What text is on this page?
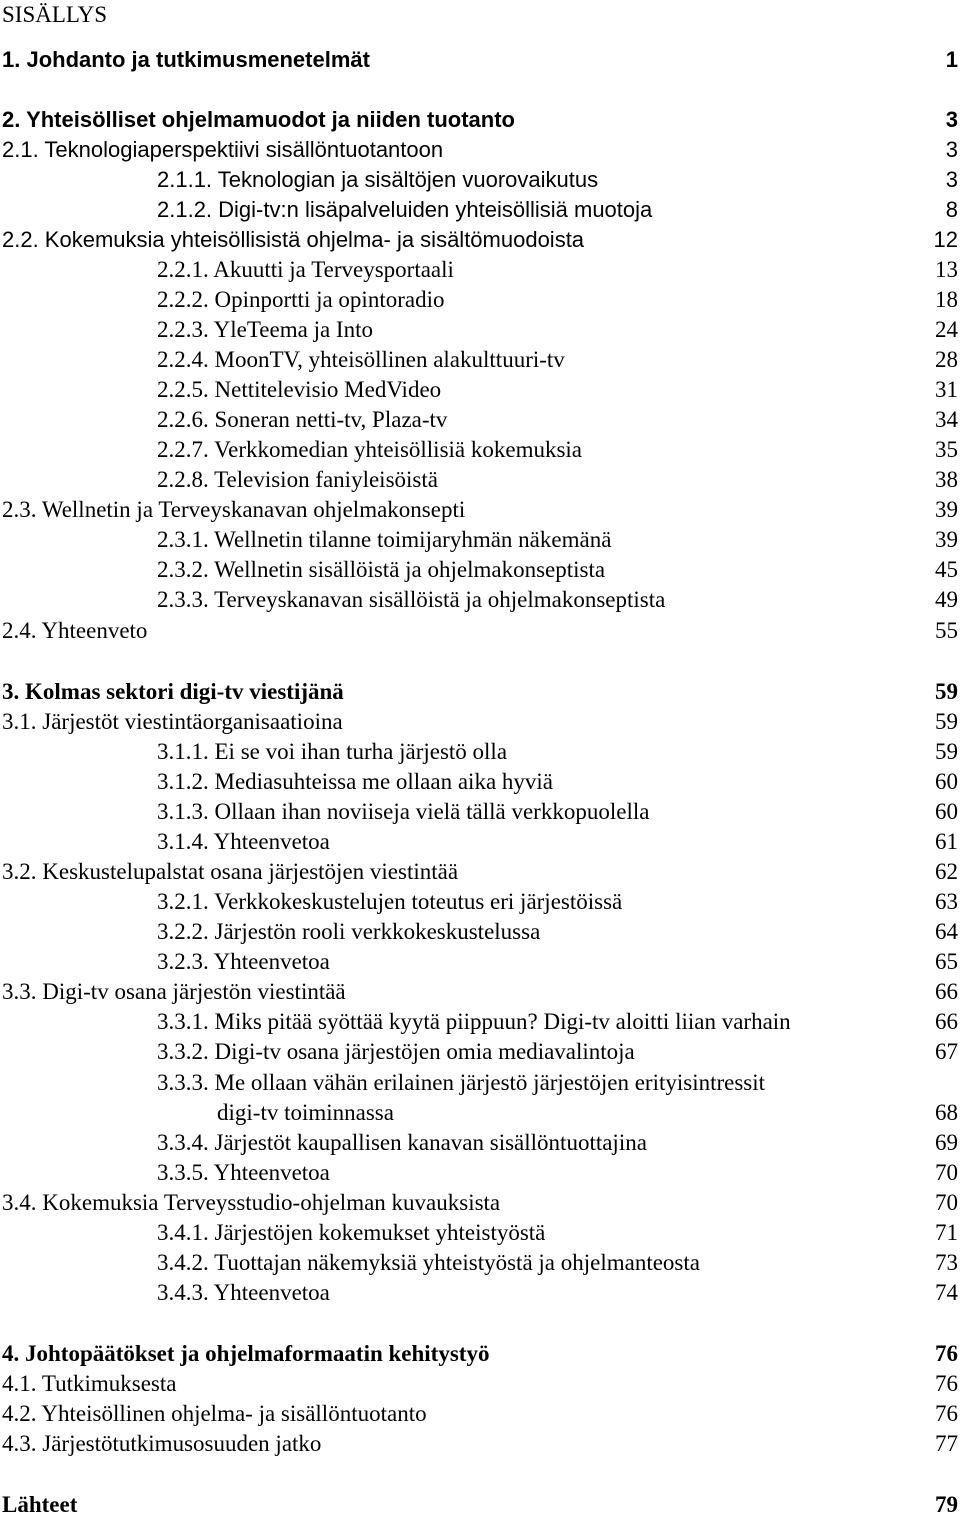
SISÄLLYS
1. Johdanto ja tutkimusmenetelmät	1
2. Yhteisölliset ohjelmamuodot ja niiden tuotanto	3
2.1. Teknologiaperspektiivi sisällöntuotantoon	3
2.1.1. Teknologian ja sisältöjen vuorovaikutus	3
2.1.2. Digi-tv:n lisäpalveluiden yhteisöllisiä muotoja	8
2.2. Kokemuksia yhteisöllisistä ohjelma- ja sisältömuodoista	12
2.2.1. Akuutti ja Terveysportaali	13
2.2.2. Opinportti ja opintoradio	18
2.2.3. YleTeema ja Into	24
2.2.4. MoonTV, yhteisöllinen alakulttuuri-tv	28
2.2.5. Nettitelevisio MedVideo	31
2.2.6. Soneran netti-tv, Plaza-tv	34
2.2.7. Verkkomedian yhteisöllisiä kokemuksia	35
2.2.8. Television faniyleisöistä	38
2.3. Wellnetin ja Terveyskanavan ohjelmakonsepti	39
2.3.1. Wellnetin tilanne toimijaryhmän näkemänä	39
2.3.2. Wellnetin sisällöistä ja ohjelmakonseptista	45
2.3.3. Terveyskanavan sisällöistä ja ohjelmakonseptista	49
2.4. Yhteenveto	55
3. Kolmas sektori digi-tv viestijänä	59
3.1. Järjestöt viestintäorganisaatioina	59
3.1.1. Ei se voi ihan turha järjestö olla	59
3.1.2. Mediasuhteissa me ollaan aika hyviä	60
3.1.3. Ollaan ihan noviiseja vielä tällä verkkopuolella	60
3.1.4. Yhteenvetoa	61
3.2. Keskustelupalstat osana järjestöjen viestintää	62
3.2.1. Verkkokeskustelujen toteutus eri järjestöissä	63
3.2.2. Järjestön rooli verkkokeskustelussa	64
3.2.3. Yhteenvetoa	65
3.3. Digi-tv osana järjestön viestintää	66
3.3.1. Miks pitää syöttää kyytä piippuun? Digi-tv aloitti liian varhain	66
3.3.2. Digi-tv osana järjestöjen omia mediavalintoja	67
3.3.3. Me ollaan vähän erilainen järjestö järjestöjen erityisintressit
digi-tv toiminnassa	68
3.3.4. Järjestöt kaupallisen kanavan sisällöntuottajina	69
3.3.5. Yhteenvetoa	70
3.4. Kokemuksia Terveysstudio-ohjelman kuvauksista	70
3.4.1. Järjestöjen kokemukset yhteistyöstä	71
3.4.2. Tuottajan näkemyksiä yhteistyöstä ja ohjelmanteosta	73
3.4.3. Yhteenvetoa	74
4. Johtopäätökset ja ohjelmaformaatin kehitystyö	76
4.1. Tutkimuksesta	76
4.2. Yhteisöllinen ohjelma- ja sisällöntuotanto	76
4.3. Järjestötutkimusosuuden jatko	77
Lähteet	79
